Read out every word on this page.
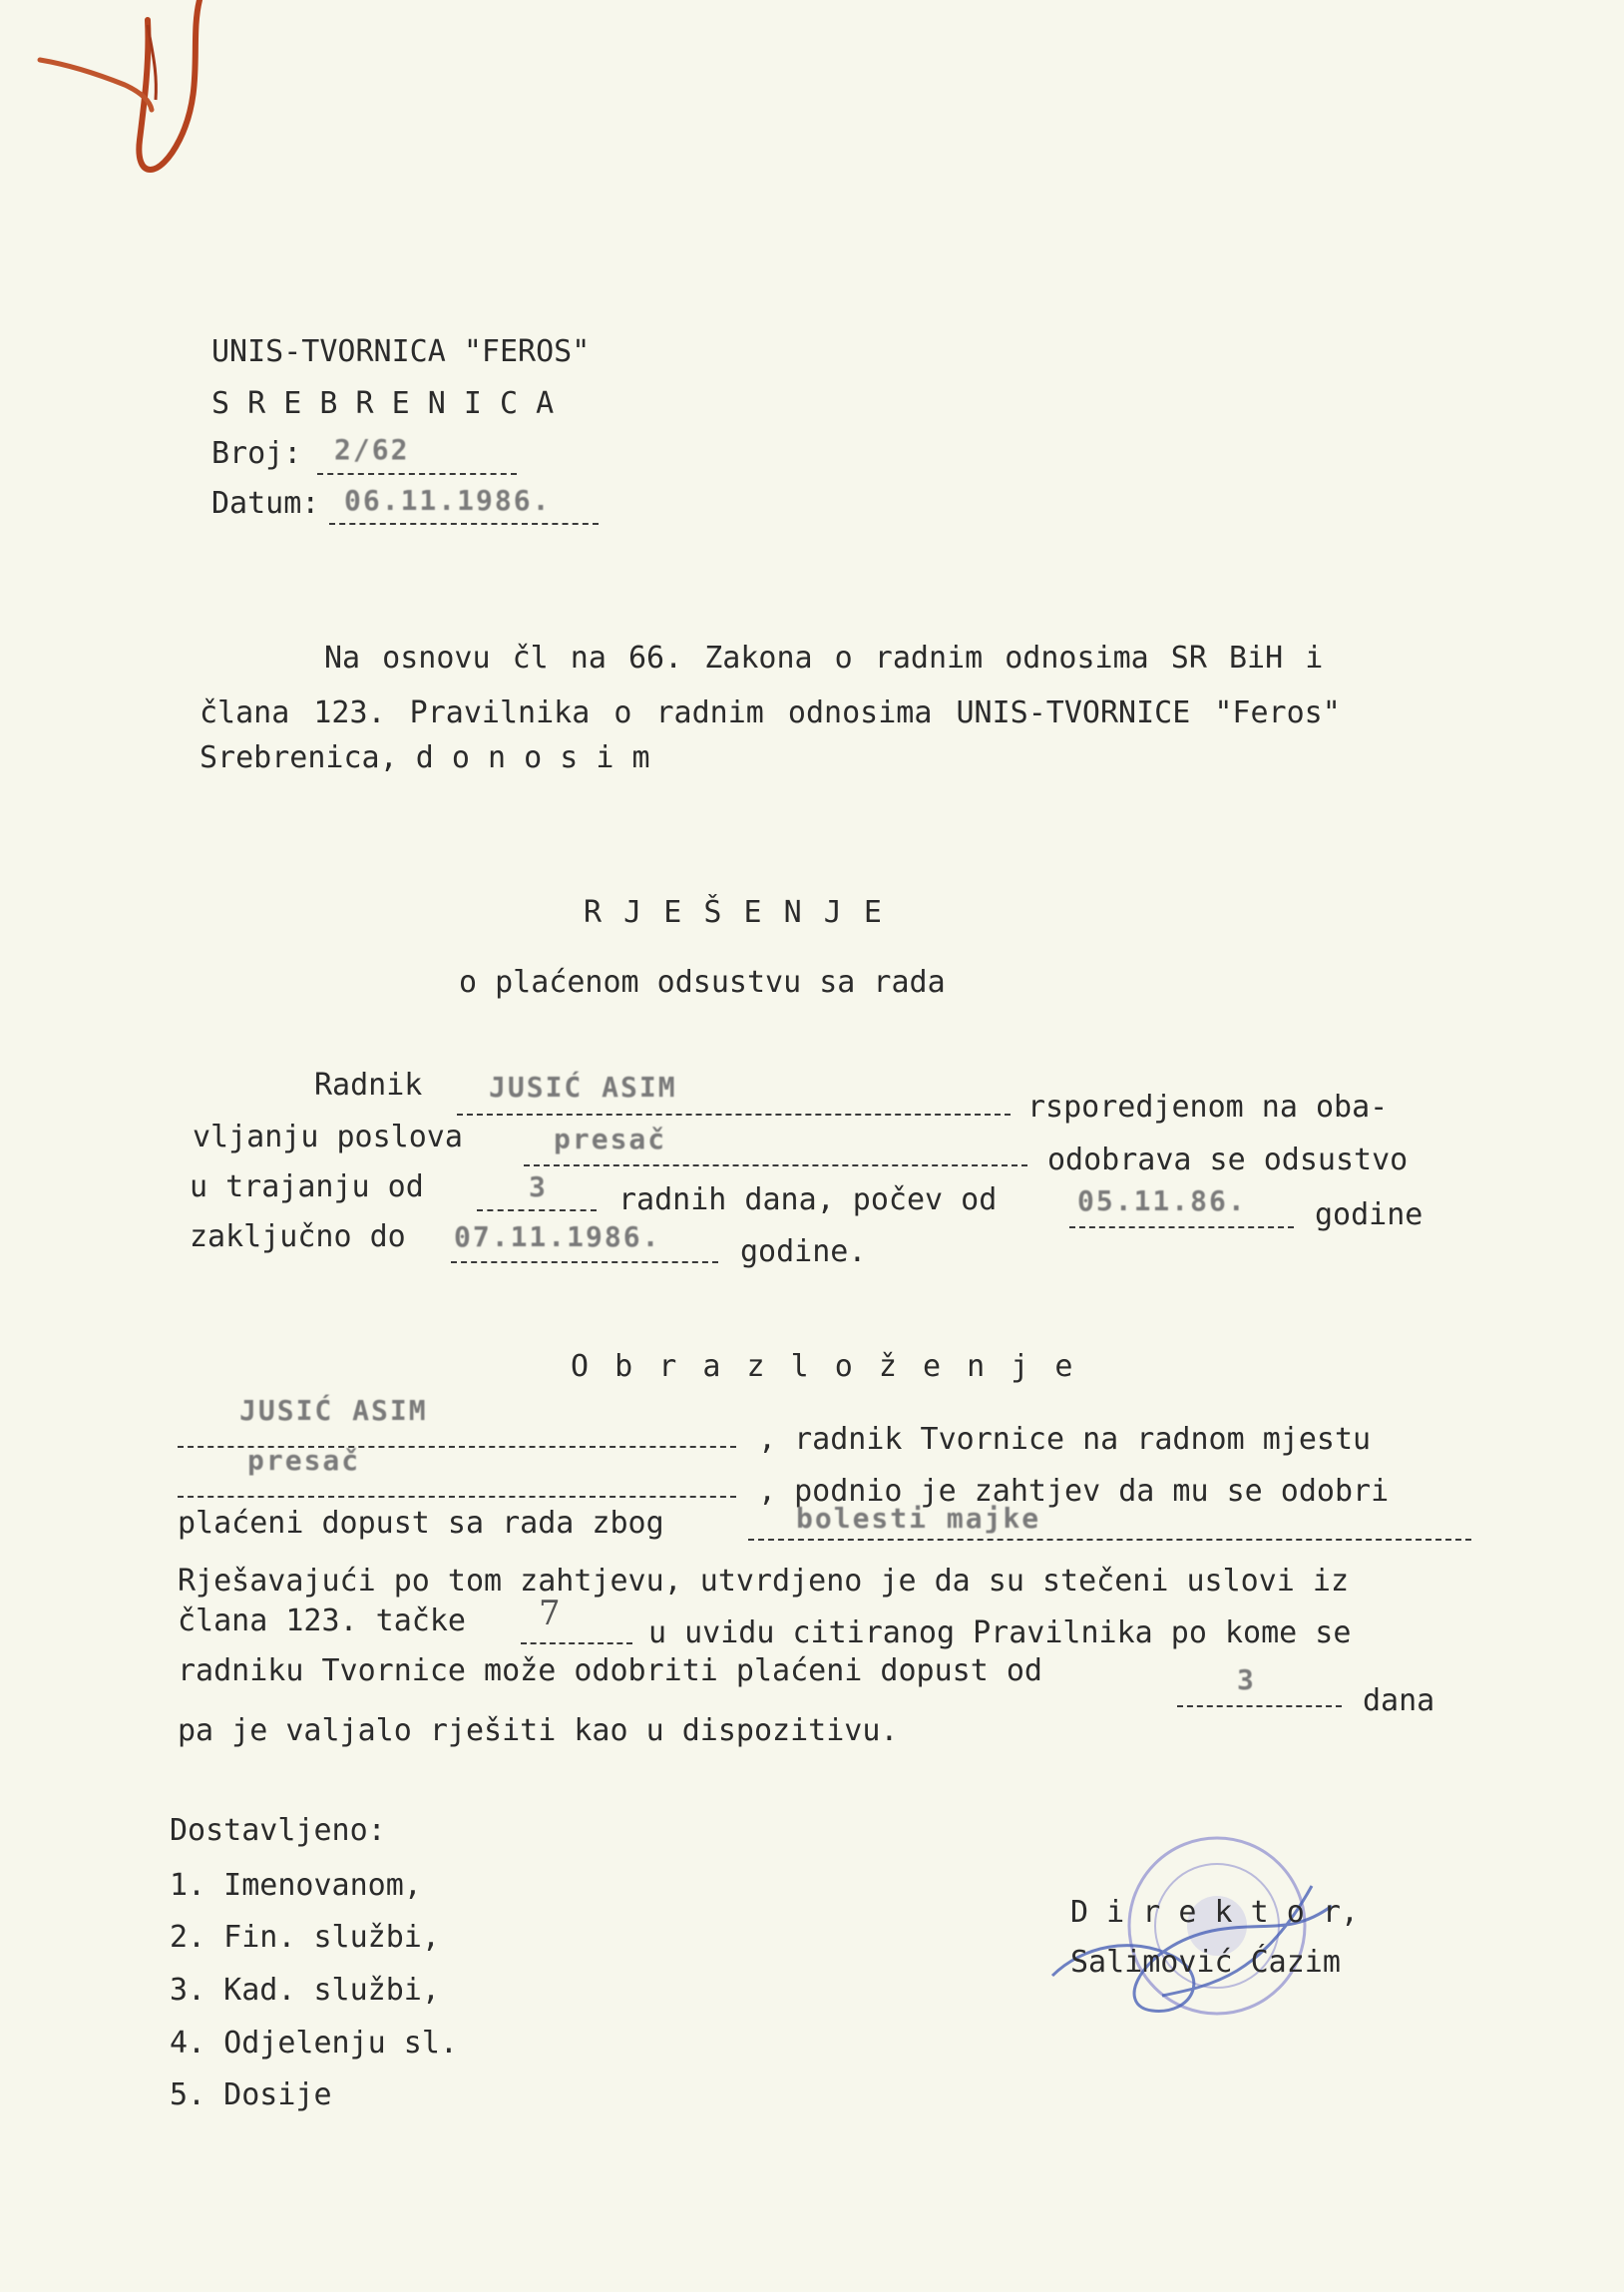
UNIS-TVORNICA "FEROS"
S R E B R E N I C A
Broj: 2/62
Datum: 06.11.1986.
Na osnovu čl na 66. Zakona o radnim odnosima SR BiH i
člana 123. Pravilnika o radnim odnosima UNIS-TVORNICE "Feros"
Srebrenica, d o n o s i m
R J E Š E N J E
o plaćenom odsustvu sa rada
Radnik JUSIĆ ASIM
rsporedjenom na oba-
vljanju poslova	presač
odobrava se odsustvo
u trajanju od	3 radnih dana, počev od	05.11.86. godine
zaključno do 07.11.1986.	godine.
O b r a z l o ž e n j e
JUSIĆ ASIM
, radnik Tvornice na radnom mjestu
presač
, podnio je zahtjev da mu se odobri
plaćeni dopust sa rada zbog	bolesti majke
Rješavajući po tom zahtjevu, utvrdjeno je da su stečeni uslovi iz
člana 123. tačke 7	u uvidu citiranog Pravilnika po kome se
radniku Tvornice može odobriti plaćeni dopust od	3
dana
pa je valjalo rješiti kao u dispozitivu.
Dostavljeno:
1. Imenovanom,
2. Fin. službi,
3. Kad. službi,
4. Odjelenju sl.
5. Dosije
D i r e k t o r,
Salimović Ćazim
